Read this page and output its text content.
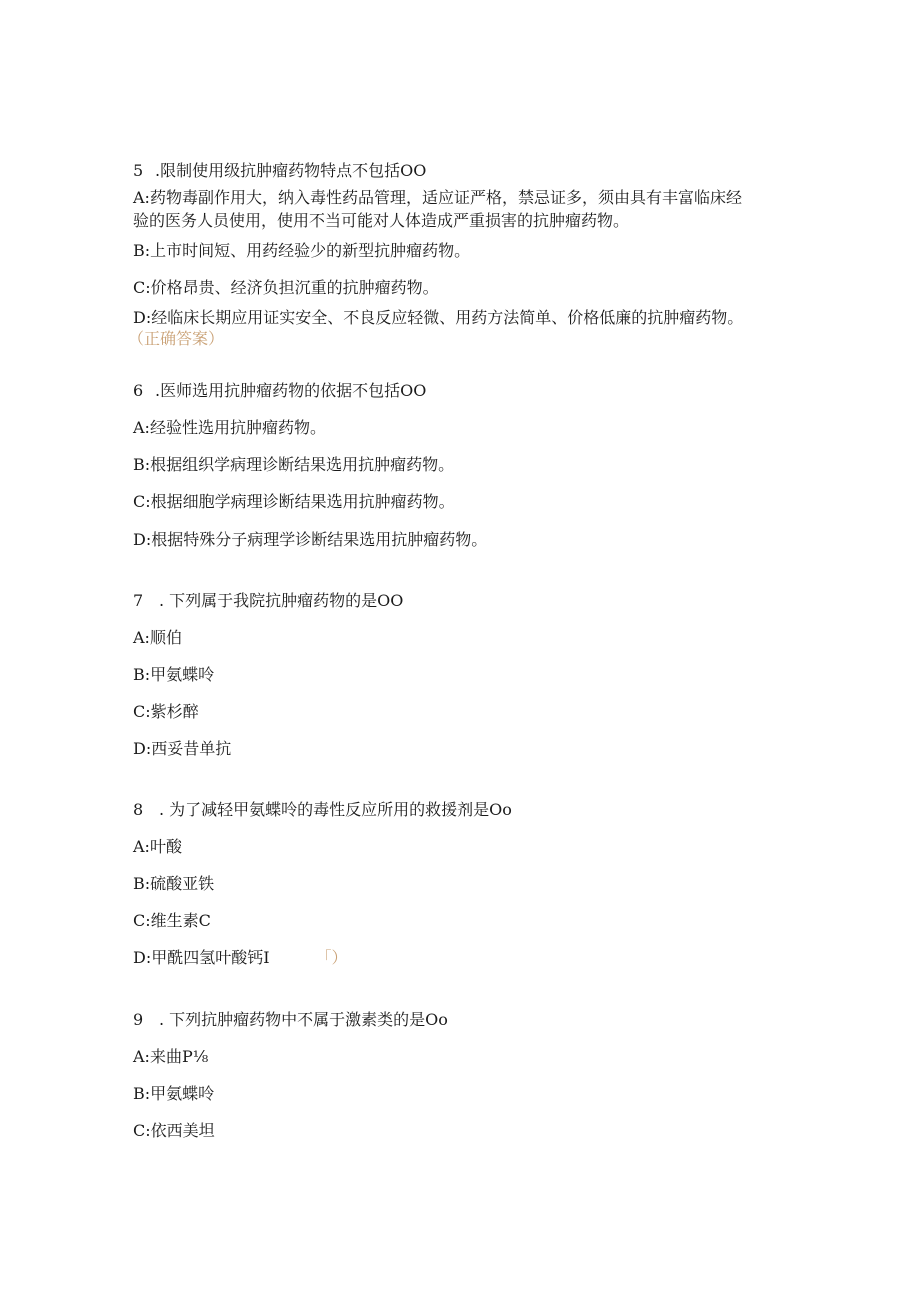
5 .限制使用级抗肿瘤药物特点不包括OO
A:药物毒副作用大，纳入毒性药品管理，适应证严格，禁忌证多，须由具有丰富临床经
验的医务人员使用，使用不当可能对人体造成严重损害的抗肿瘤药物。
B:上市时间短、用药经验少的新型抗肿瘤药物。
C:价格昂贵、经济负担沉重的抗肿瘤药物。
D:经临床长期应用证实安全、不良反应轻微、用药方法简单、价格低廉的抗肿瘤药物。
（正确答案）
6 .医师选用抗肿瘤药物的依据不包括OO
A:经验性选用抗肿瘤药物。
B:根据组织学病理诊断结果选用抗肿瘤药物。
C:根据细胞学病理诊断结果选用抗肿瘤药物。
D:根据特殊分子病理学诊断结果选用抗肿瘤药物。
7 . 下列属于我院抗肿瘤药物的是OO
A:顺伯
B:甲氨蝶呤
C:紫杉醉
D:西妥昔单抗
8 . 为了减轻甲氨蝶呤的毒性反应所用的救援剂是Oo
A:叶酸
B:硫酸亚铁
C:维生素C
D:甲酰四氢叶酸钙I	「）
9 . 下列抗肿瘤药物中不属于激素类的是Oo
A:来曲P⅛
B:甲氨蝶呤
C:依西美坦
